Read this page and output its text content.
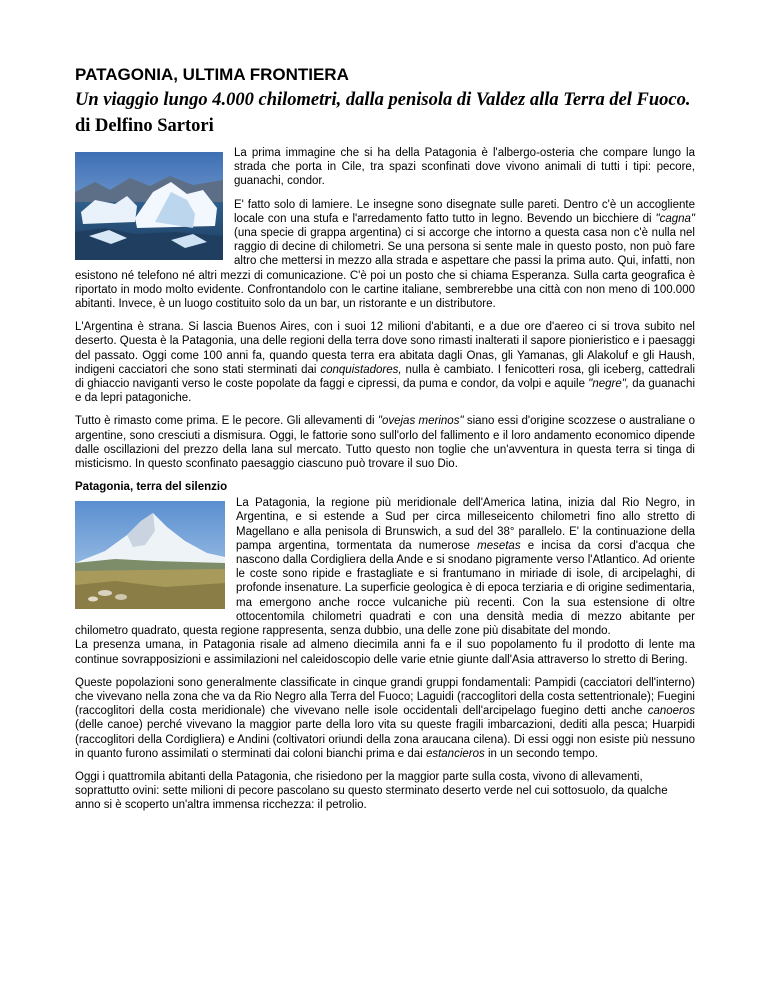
PATAGONIA, ULTIMA FRONTIERA
Un viaggio lungo 4.000 chilometri, dalla penisola di Valdez alla Terra del Fuoco.
di Delfino Sartori

La prima immagine che si ha della Patagonia è l'albergo-osteria che compare lungo la strada che porta in Cile, tra spazi sconfinati dove vivono animali di tutti i tipi: pecore, guanachi, condor.

E' fatto solo di lamiere. Le insegne sono disegnate sulle pareti. Dentro c'è un accogliente locale con una stufa e l'arredamento fatto tutto in legno. Bevendo un bicchiere di "cagna" (una specie di grappa argentina) ci si accorge che intorno a questa casa non c'è nulla nel raggio di decine di chilometri. Se una persona si sente male in questo posto, non può fare altro che mettersi in mezzo alla strada e aspettare che passi la prima auto. Qui, infatti, non esistono né telefono né altri mezzi di comunicazione. C'è poi un posto che si chiama Esperanza. Sulla carta geografica è riportato in modo molto evidente. Confrontandolo con le cartine italiane, sembrerebbe una città con non meno di 100.000 abitanti. Invece, è un luogo costituito solo da un bar, un ristorante e un distributore.

L'Argentina è strana. Si lascia Buenos Aires, con i suoi 12 milioni d'abitanti, e a due ore d'aereo ci si trova subito nel deserto. Questa è la Patagonia, una delle regioni della terra dove sono rimasti inalterati il sapore pionieristico e i paesaggi del passato. Oggi come 100 anni fa, quando questa terra era abitata dagli Onas, gli Yamanas, gli Alakoluf e gli Haush, indigeni cacciatori che sono stati sterminati dai conquistadores, nulla è cambiato. I fenicotteri rosa, gli iceberg, cattedrali di ghiaccio naviganti verso le coste popolate da faggi e cipressi, da puma e condor, da volpi e aquile "negre", da guanachi e da lepri patagoniche.

Tutto è rimasto come prima. E le pecore. Gli allevamenti di "ovejas merinos" siano essi d'origine scozzese o australiane o argentine, sono cresciuti a dismisura. Oggi, le fattorie sono sull'orlo del fallimento e il loro andamento economico dipende dalle oscillazioni del prezzo della lana sul mercato. Tutto questo non toglie che un'avventura in questa terra si tinga di misticismo. In questo sconfinato paesaggio ciascuno può trovare il suo Dio.

Patagonia, terra del silenzio

La Patagonia, la regione più meridionale dell'America latina, inizia dal Rio Negro, in Argentina, e si estende a Sud per circa milleseicento chilometri fino allo stretto di Magellano e alla penisola di Brunswich, a sud del 38° parallelo. E' la continuazione della pampa argentina, tormentata da numerose mesetas e incisa da corsi d'acqua che nascono dalla Cordigliera della Ande e si snodano pigramente verso l'Atlantico. Ad oriente le coste sono ripide e frastagliate e si frantumano in miriade di isole, di arcipelaghi, di profonde insenature. La superficie geologica è di epoca terziaria e di origine sedimentaria, ma emergono anche rocce vulcaniche più recenti. Con la sua estensione di oltre ottocentomila chilometri quadrati e con una densità media di mezzo abitante per chilometro quadrato, questa regione rappresenta, senza dubbio, una delle zone più disabitate del mondo.

La presenza umana, in Patagonia risale ad almeno diecimila anni fa e il suo popolamento fu il prodotto di lente ma continue sovrapposizioni e assimilazioni nel caleidoscopio delle varie etnie giunte dall'Asia attraverso lo stretto di Bering.

Queste popolazioni sono generalmente classificate in cinque grandi gruppi fondamentali: Pampidi (cacciatori dell'interno) che vivevano nella zona che va da Rio Negro alla Terra del Fuoco; Laguidi (raccoglitori della costa settentrionale); Fuegini (raccoglitori della costa meridionale) che vivevano nelle isole occidentali dell'arcipelago fuegino detti anche canoeros (delle canoe) perché vivevano la maggior parte della loro vita su queste fragili imbarcazioni, dediti alla pesca; Huarpidi (raccoglitori della Cordigliera) e Andini (coltivatori oriundi della zona araucana cilena). Di essi oggi non esiste più nessuno in quanto furono assimilati o sterminati dai coloni bianchi prima e dai estancieros in un secondo tempo.

Oggi i quattromila abitanti della Patagonia, che risiedono per la maggior parte sulla costa, vivono di allevamenti, soprattutto ovini: sette milioni di pecore pascolano su questo sterminato deserto verde nel cui sottosuolo, da qualche anno si è scoperto un'altra immensa ricchezza: il petrolio.
